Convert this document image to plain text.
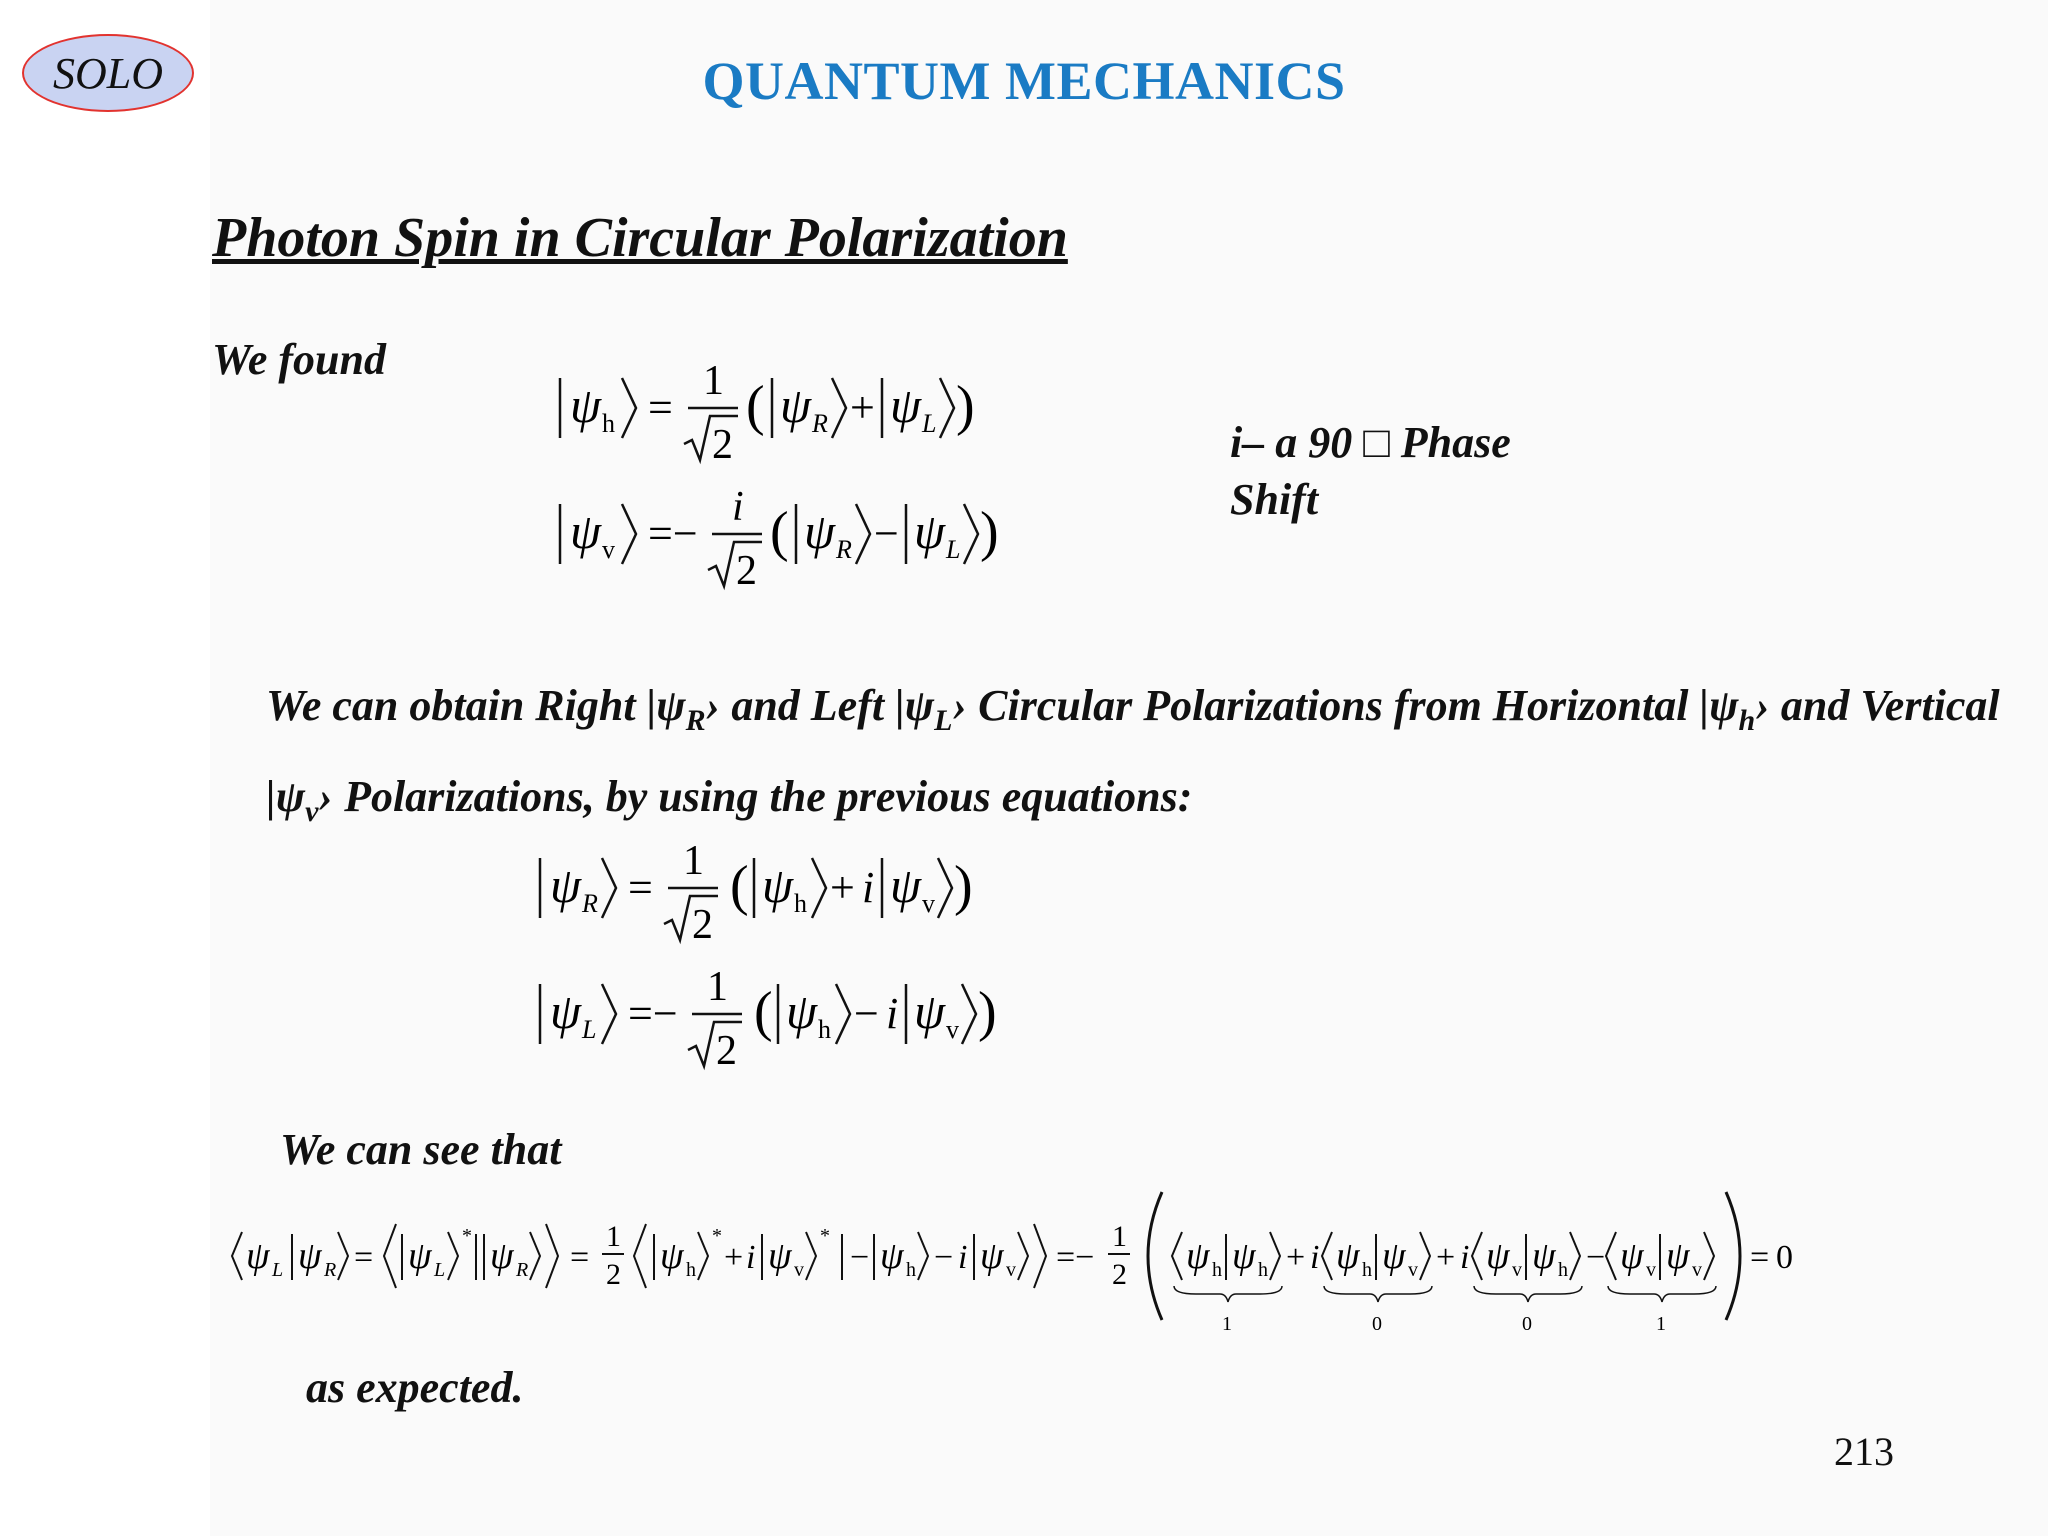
SOLO	QUANTUM MECHANICS
Photon Spin in Circular Polarization
We found
ψ h =
1
2
( ψ R + ψ L )
ψ v =−
i
2
( ψ R − ψ L )
i– a 90 □ Phase
Shift
We can obtain Right $|\psi_R›$ and Left $|\psi_L›$ Circular Polarizations from Horizontal $|\psi_h›$ and Vertical $|\psi_v›$ Polarizations, by using the previous equations:
ψ R =
1
2
( ψ h + i ψ v )
ψ L =−
1
2
( ψ h − i ψ v )
We can see that
ψ L ψ R = ψ L
* ψ R =
1
2 ψ h
*
+ i ψ v
*
− ψ h − i ψ v =−
1
2 ψ h ψ h
1
+ i ψ h ψ v
0
+ i ψ v ψ h
0
− ψ v ψ v
1
= 0
as expected.
213
